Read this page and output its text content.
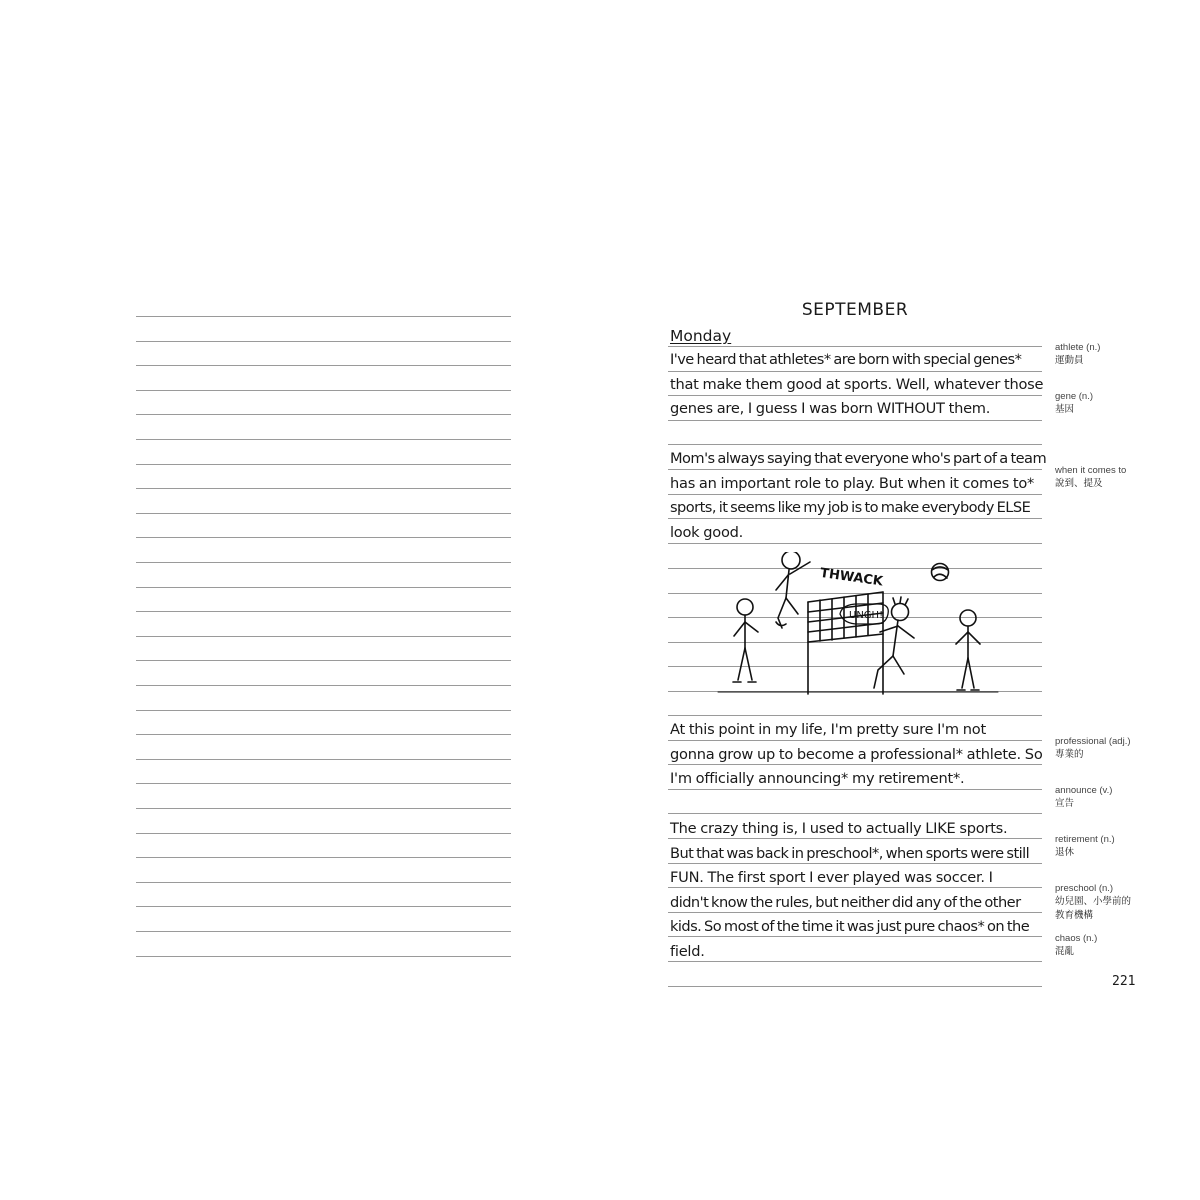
SEPTEMBER
Monday
I've heard that athletes* are born with special genes*
that make them good at sports. Well, whatever those
genes are, I guess I was born WITHOUT them.
Mom's always saying that everyone who's part of a team
has an important role to play. But when it comes to*
sports, it seems like my job is to make everybody ELSE
look good.
THWACK
UNGH!
At this point in my life, I'm pretty sure I'm not
gonna grow up to become a professional* athlete. So
I'm officially announcing* my retirement*.
The crazy thing is, I used to actually LIKE sports.
But that was back in preschool*, when sports were still
FUN. The first sport I ever played was soccer. I
didn't know the rules, but neither did any of the other
kids. So most of the time it was just pure chaos* on the
field.
athlete (n.)
運動員
gene (n.)
基因
when it comes to
說到、提及
professional (adj.)
專業的
announce (v.)
宣告
retirement (n.)
退休
preschool (n.)
幼兒園、小學前的
教育機構
chaos (n.)
混亂
221
